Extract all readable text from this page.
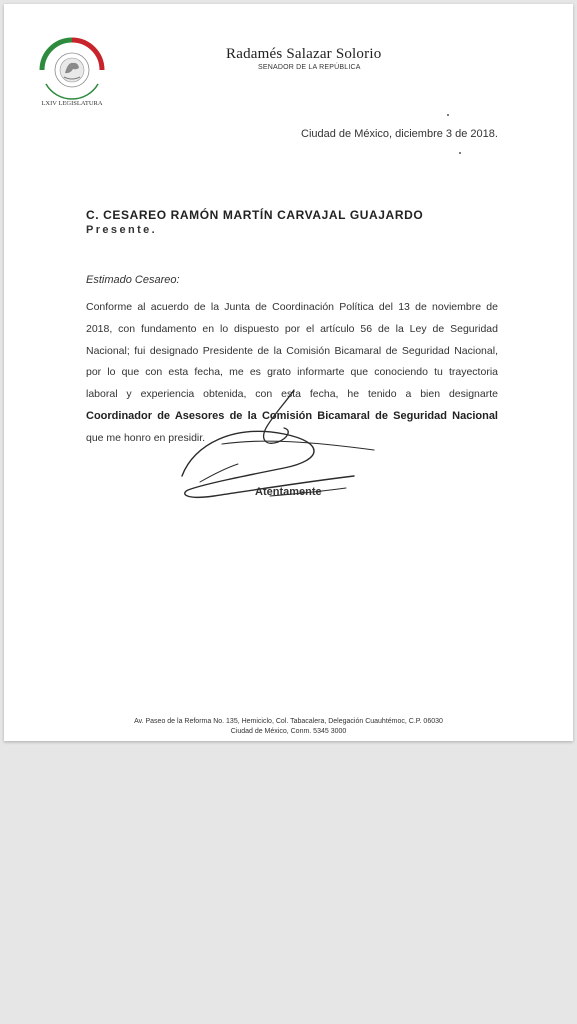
LXIV LEGISLATURA
Radamés Salazar Solorio
SENADOR DE LA REPÚBLICA
Ciudad de México, diciembre 3 de 2018.
C. CESAREO RAMÓN MARTÍN CARVAJAL GUAJARDO
Presente.
Estimado Cesareo:
Conforme al acuerdo de la Junta de Coordinación Política del 13 de noviembre de
2018, con fundamento en lo dispuesto por el artículo 56 de la Ley de Seguridad
Nacional; fui designado Presidente de la Comisión Bicamaral de Seguridad Nacional,
por lo que con esta fecha, me es grato informarte que conociendo tu trayectoria
laboral y experiencia obtenida, con esta fecha, he tenido a bien designarte
Coordinador de Asesores de la Comisión Bicamaral de Seguridad Nacional
que me honro en presidir.
Atentamente
Av. Paseo de la Reforma No. 135, Hemiciclo, Col. Tabacalera, Delegación Cuauhtémoc, C.P. 06030
Ciudad de México, Conm. 5345 3000
